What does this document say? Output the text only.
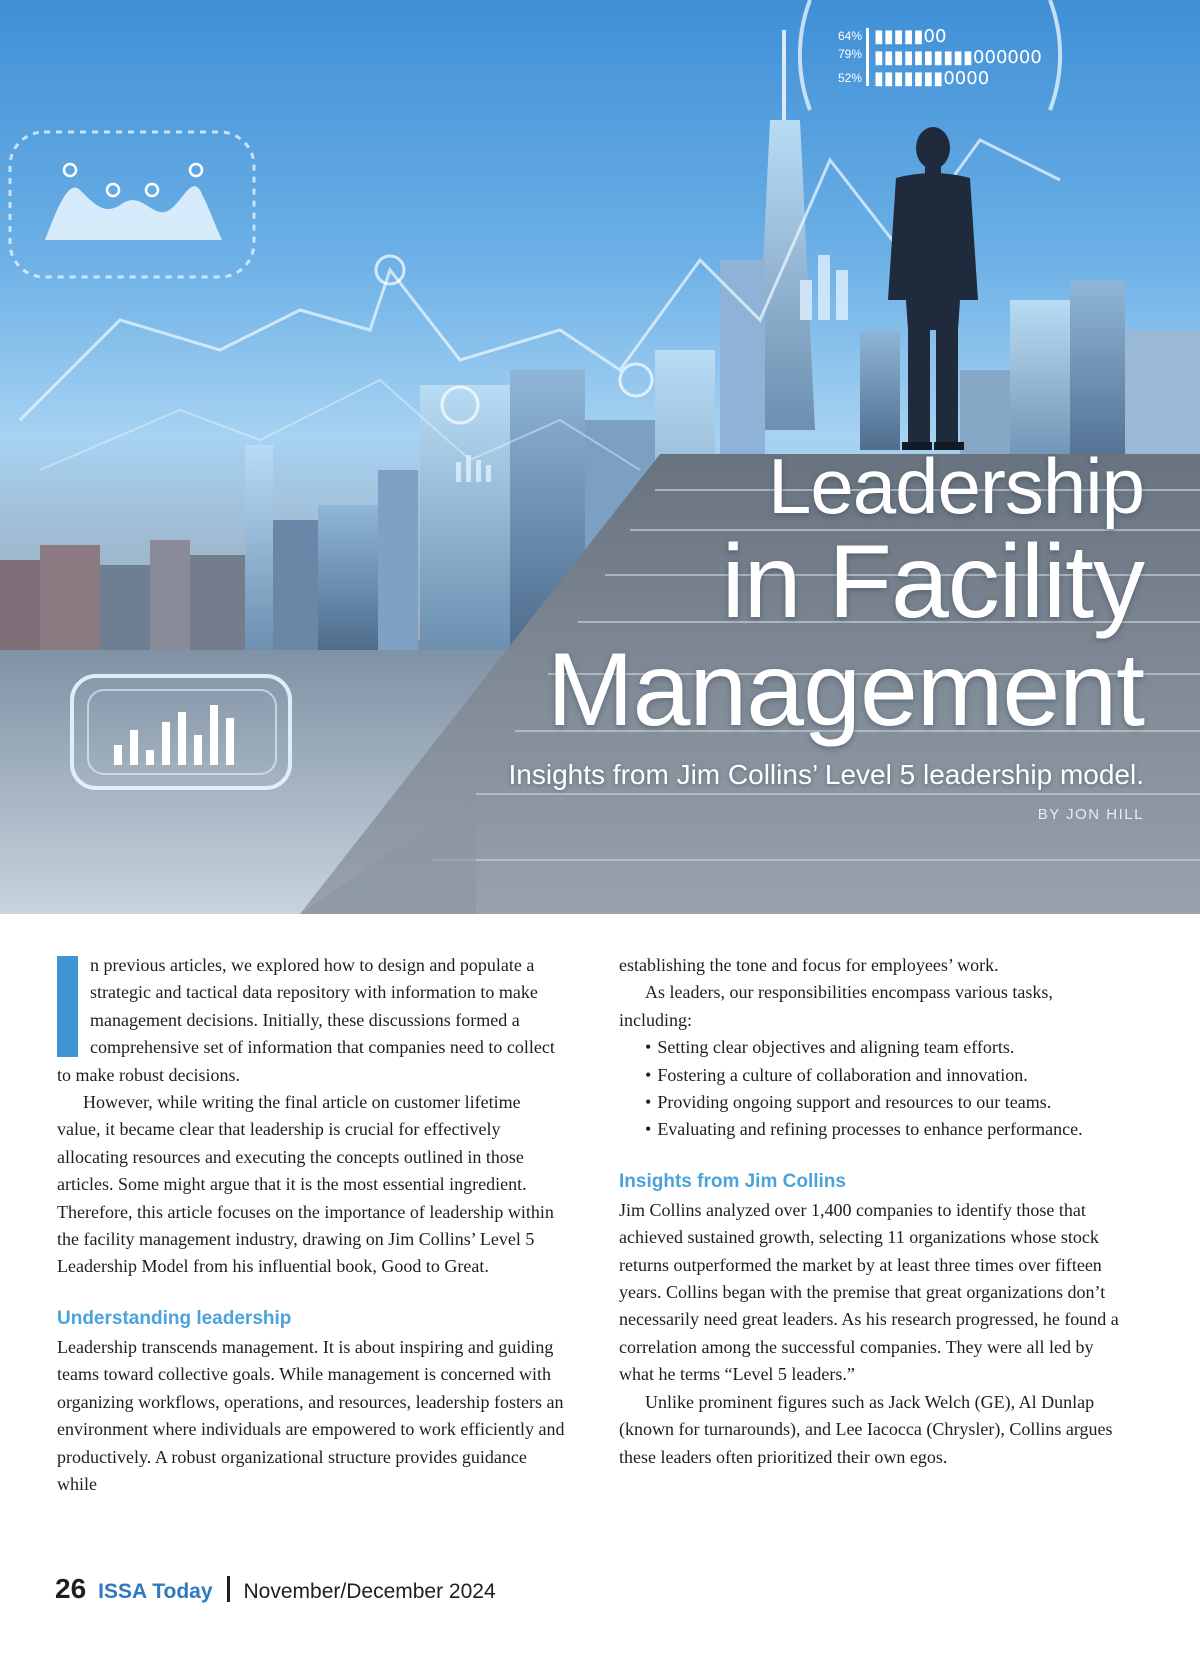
64%
79%
52%
▮▮▮▮▮00
▮▮▮▮▮▮▮▮▮▮000000
▮▮▮▮▮▮▮0000
Leadership
in Facility
Management

Insights from Jim Collins’ Level 5 leadership model.

BY JON HILL

n previous articles, we explored how to design and populate a strategic and tactical data repository with information to make management decisions. Initially, these discussions formed a comprehensive set of information that companies need to collect to make robust decisions.

However, while writing the final article on customer lifetime value, it became clear that leadership is crucial for effectively allocating resources and executing the concepts outlined in those articles. Some might argue that it is the most essential ingredient. Therefore, this article focuses on the importance of leadership within the facility management industry, drawing on Jim Collins’ Level 5 Leadership Model from his influential book, Good to Great.

Understanding leadership

Leadership transcends management. It is about inspiring and guiding teams toward collective goals. While management is concerned with organizing workflows, operations, and resources, leadership fosters an environment where individuals are empowered to work efficiently and productively. A robust organizational structure provides guidance while

establishing the tone and focus for employees’ work.

As leaders, our responsibilities encompass various tasks, including:

• Setting clear objectives and aligning team efforts.
• Fostering a culture of collaboration and innovation.
• Providing ongoing support and resources to our teams.
• Evaluating and refining processes to enhance performance.
Insights from Jim Collins

Jim Collins analyzed over 1,400 companies to identify those that achieved sustained growth, selecting 11 organizations whose stock returns outperformed the market by at least three times over fifteen years. Collins began with the premise that great organizations don’t necessarily need great leaders. As his research progressed, he found a correlation among the successful companies. They were all led by what he terms “Level 5 leaders.”

Unlike prominent figures such as Jack Welch (GE), Al Dunlap (known for turnarounds), and Lee Iacocca (Chrysler), Collins argues these leaders often prioritized their own egos.

26 ISSA Today November/December 2024
